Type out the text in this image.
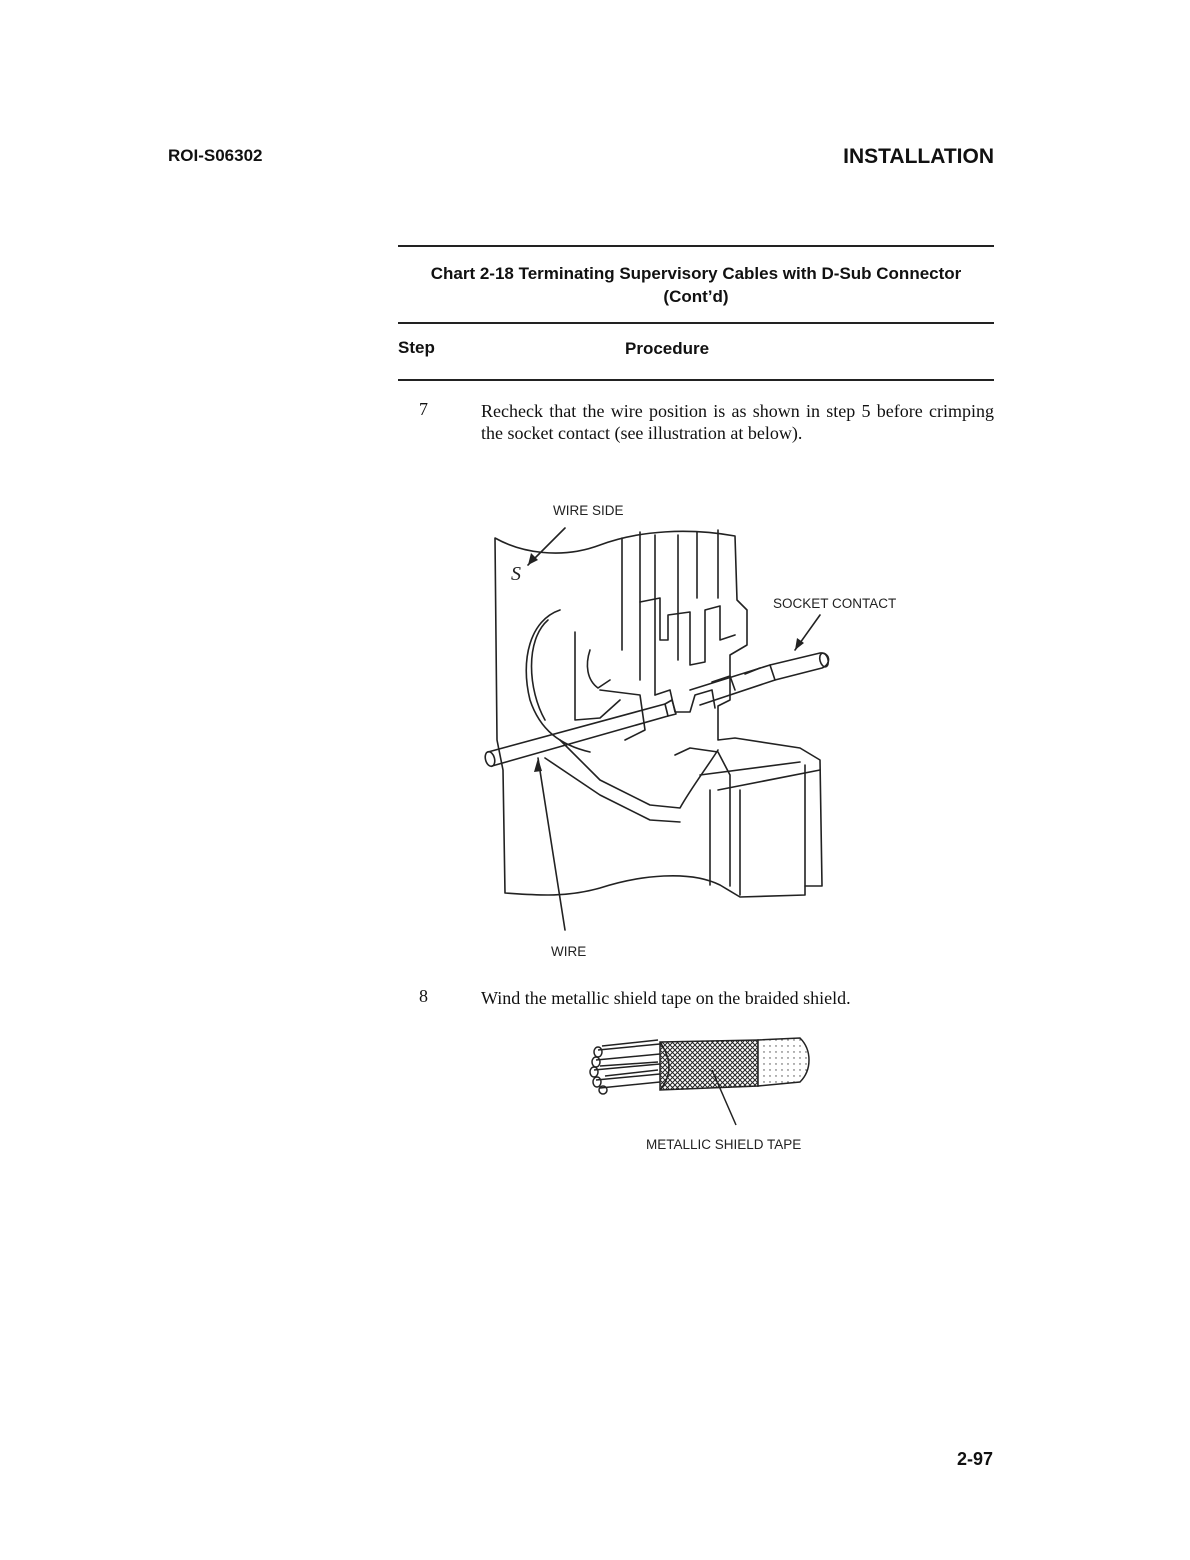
ROI-S06302	INSTALLATION
Chart 2-18 Terminating Supervisory Cables with D-Sub Connector
(Cont’d)
Step	Procedure
7	Recheck that the wire position is as shown in step 5 before crimping the socket contact (see illustration at below).
WIRE SIDE
SOCKET CONTACT
WIRE
S
8	Wind the metallic shield tape on the braided shield.
METALLIC SHIELD TAPE
2-97
